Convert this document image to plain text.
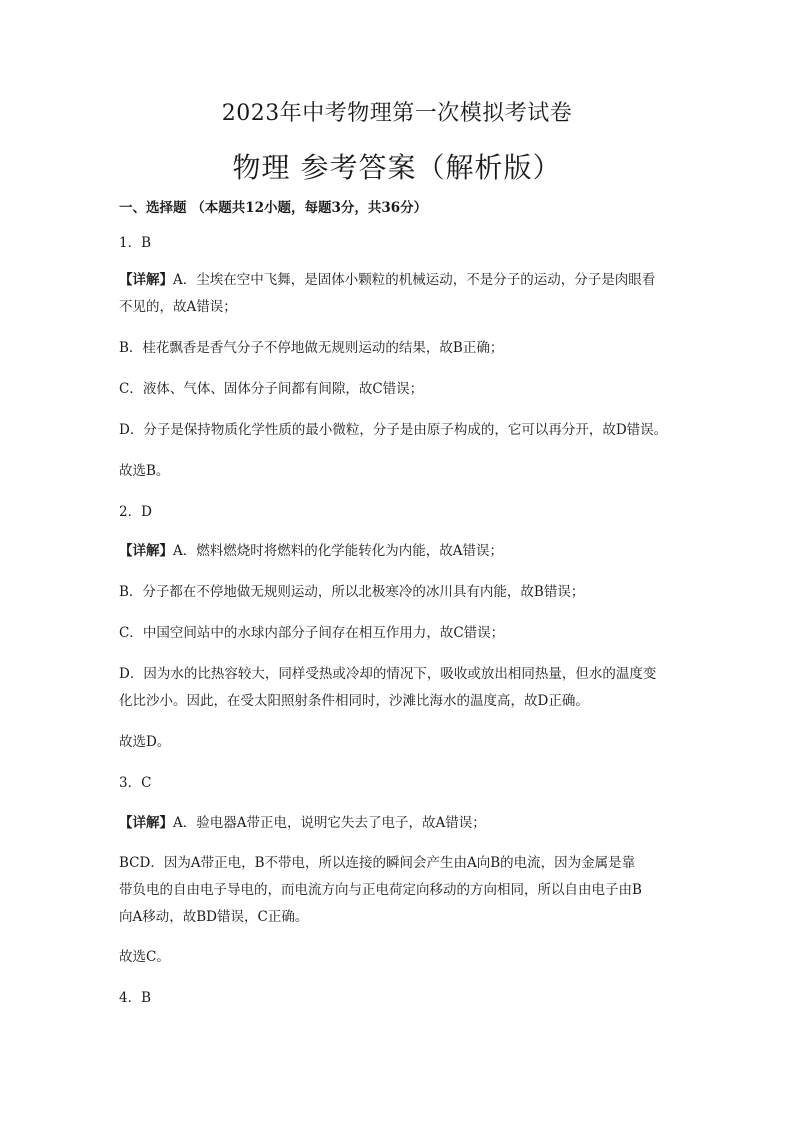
2023年中考物理第一次模拟考试卷
物理 参考答案（解析版）

一、选择题 （本题共12小题，每题3分，共36分）

1．B

【详解】A．尘埃在空中飞舞，是固体小颗粒的机械运动，不是分子的运动，分子是肉眼看

不见的，故A错误；

B．桂花飘香是香气分子不停地做无规则运动的结果，故B正确；

C．液体、气体、固体分子间都有间隙，故C错误；

D．分子是保持物质化学性质的最小微粒，分子是由原子构成的，它可以再分开，故D错误。

故选B。

2．D

【详解】A．燃料燃烧时将燃料的化学能转化为内能，故A错误；

B．分子都在不停地做无规则运动，所以北极寒冷的冰川具有内能，故B错误；

C．中国空间站中的水球内部分子间存在相互作用力，故C错误；

D．因为水的比热容较大，同样受热或冷却的情况下，吸收或放出相同热量，但水的温度变

化比沙小。因此，在受太阳照射条件相同时，沙滩比海水的温度高，故D正确。

故选D。

3．C

【详解】A．验电器A带正电，说明它失去了电子，故A错误；

BCD．因为A带正电，B不带电，所以连接的瞬间会产生由A向B的电流，因为金属是靠

带负电的自由电子导电的，而电流方向与正电荷定向移动的方向相同，所以自由电子由B

向A移动，故BD错误，C正确。

故选C。

4．B
